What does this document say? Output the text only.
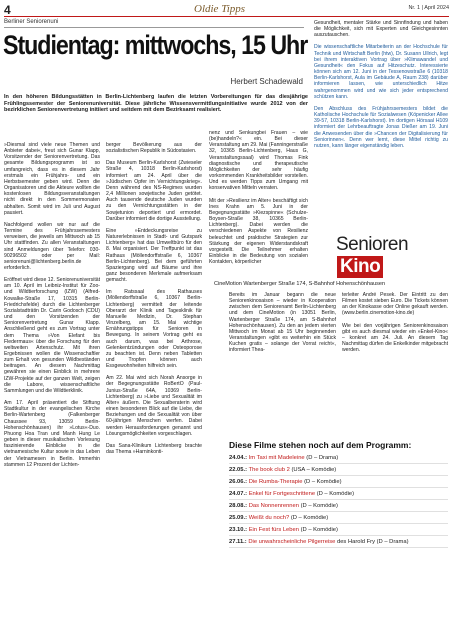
4	Oldie Tipps	Nr. 1 | April 2024
Berliner Seniorenuni
Studientag: mittwochs, 15 Uhr
Herbert Schadewald

In den höheren Bildungsstätten in Berlin-Lichtenberg laufen die letzten Vorbereitungen für das diesjährige Frühlingssemester der Seniorenuniversität. Diese jährliche Wissensvermittlungsinitiative wurde 2012 von der bezirklichen Seniorenvertretung initiiert und seitdem mit dem Bezirksamt realisiert.

»Diesmal sind viele neue Themen und Anbieter dabei«, freut sich Gunar Klapp, Vorsitzender der Seniorenvertretung. Das gesamte Bildungsprogramm ist so umfangreich, dass es in diesem Jahr erstmals ein Frühjahrs- und ein Herbstsemester geben wird. Denn die Organisatoren und die Akteure wollten die kostenlosen Bildungsveranstaltungen nicht direkt in den Sommermonaten abhalten. Somit wird im Juli und August pausiert.

Nachfolgend wollen wir nur auf die Termine des Frühjahrssemesters verweisen, die jeweils am Mittwoch ab 15 Uhr stattfinden. Zu allen Veranstaltungen sind Anmeldungen über Telefon: 030-90296502 oder per Mail: seniorenuni@lichtenberg.berlin.de erforderlich.

Eröffnet wird diese 12. Seniorenuniversität am 10. April im Leibniz-Institut für Zoo- und Wildtierforschung (IZW) (Alfred-Kowalke-Straße 17, 10315 Berlin-Friedrichsfelde) durch die Lichtenberger Sozialstadträtin Dr. Carin Godosch (CDU) und den Vorsitzenden der Seniorenvertretung Gunar Klapp. Anschließend geht es zum Vortrag unter dem Thema »Von Elefant bis Fledermaus« über die Forschung für den weltweiten Artenschutz. Mit ihren Ergebnissen wollen die Wissenschaftler zum Erhalt von gesunden Wildbeständen beitragen. An diesem Nachmittag gewähren sie einen Einblick in mehrere IZW-Projekte auf der ganzen Welt, zeigen die Labore, wissenschaftliche Sammlungen und die Wildtierklinik.

Am 17. April präsentiert die Stiftung Stadtkultur in der evangelischen Kirche Berlin-Wartenberg (Falkenberger Chaussee 93, 13059 Berlin-Hohenschönhausen) ihr »Lotus«-Duo. Phuong Hoa Tran und Manh Hung Le geben in dieser musikalischen Vorlesung faszinierende Einblicke in die vietnamesische Kultur sowie in das Leben der Vietnamesen in Berlin. Immerhin stammen 12 Prozent der Lichten-

berger Bevölkerung aus der sozialistischen Republik in Südostasien.

Das Museum Berlin-Karlshorst (Zwieseler Straße 4, 10318 Berlin-Karlshorst) informiert am 24. April über die »Jüdischen Opfer im Vernichtungskrieg«. Denn während des NS-Regimes wurden 2,4 Millionen sowjetische Juden getötet. Auch tausende deutsche Juden wurden zu den Vernichtungsstätten in der Sowjetunion deportiert und ermordet. Darüber informiert die dortige Ausstellung.

Eine »Entdeckungsreise zu Naturerlebnissen in Stadt- und Gutspark Lichtenberg« hat das Umweltbüro für den 8. Mai organisiert. Der Treffpunkt ist das Rathaus (Möllendorffstraße 6, 10367 Berlin-Lichtenberg). Bei dem geführten Spaziergang wird auf Bäume und ihre ganz besonderen Merkmale aufmerksam gemacht.

Im Ratssaal des Rathauses (Möllendorffstraße 6, 10367 Berlin-Lichtenberg) vermittelt der leitende Oberarzt der Klinik und Tagesklinik für Manuelle Medizin, Dr. Stephan Vinzelberg, am 15. Mai wichtige Ernährungstipps für Senioren in Bewegung. In seinem Vortrag geht es auch darum, was bei Arthrose, Gelenkentzündungen oder Osteoporose zu beachten ist. Denn neben Tabletten und Tropfen können auch Essgewohnheiten hilfreich sein.

Am 22. Mai wird sich Norah Ansorge in der Begegnungsstätte RoBertO (Paul-Junius-Straße 64A, 10369 Berlin-Lichtenberg) zu »Liebe und Sexualität im Alter« äußern. Die Sexualberaterin wird einen besonderen Blick auf die Liebe, die Beziehungen und die Sexualität von über 60-jährigen Menschen werfen. Dabei werden Herausforderungen genannt und Lösungsmöglichkeiten vorgeschlagen.

Das Sana-Klinikum Lichtenberg brachte das Thema »Harninkonti-

nenz und Senkungbei Frauen – wie (be)handeln?« ein. Bei dieser Veranstaltung am 29. Mai (Fanningerstraße 32, 10365 Berlin-Lichtenberg, Haus G, Veranstaltungssaal) wird Thomas Fink diagnostische und therapeutische Möglichkeiten der sehr häufig vorkommenden Krankheitsbilder vorstellen. Und es werden Tipps zum Umgang mit konservativen Mitteln verraten.

Mit der »Resilienz im Alter« beschäftigt sich Ines Krahn am 5. Juni in der Begegnungsstätte »Kiezspinne« (Schulze-Boysen-Straße 38, 10365 Berlin-Lichtenberg). Dabei werden die verschiedenen Aspekte von Resilienz beleuchtet und praktische Strategien zur Stärkung der eigenen Widerstandskraft vorgestellt. Die Teilnehmer erhalten Einblicke in die Bedeutung von sozialen Kontakten, körperlicher

Gesundheit, mentaler Stärke und Sinnfindung und haben die Möglichkeit, sich mit Experten und Gleichgesinnten auszutauschen.

Die wissenschaftliche Mitarbeiterin an der Hochschule für Technik und Wirtschaft Berlin (htw), Dr. Susann Ullrich, legt bei ihrem interaktiven Vortrag über »Klimawandel und Gesundheit« den Fokus auf Hitzeschutz. Interessierte können sich am 12. Juni in der Tessenowstraße 6 (10318 Berlin-Karlshorst, Aula im Gebäude A, Raum 238) darüber informieren lassen, wie unterschiedlich Hitze wahrgenommen wird und wie sich jeder entsprechend schützen kann.

Den Abschluss des Frühjahrssemesters bildet die Katholische Hochschule für Sozialwesen (Köpenicker Allee 39-57, 10318 Berlin-Karlshorst). Im dortigen Hörsaal H109 informiert der Lehrbeauftragte Jonas Dießer am 19. Juni die Anwesenden über die »Chancen der Digitalisierung für Seniorinnen«. Denn wer lernt, diese Mittel richtig zu nutzen, kann länger eigenständig leben.

SeniorenKino
CineMotion Wartenberger Straße 174, S-Bahnhof Hohenschönhausen

Bereits im Januar begann die neue Seniorenkinosaison – wieder in Kooperation zwischen dem Seniorenamt Berlin-Lichtenberg und dem CineMotion (in 13051 Berlin, Wartenberger Straße 174, am S-Bahnhof Hohenschönhausen). Zu den an jedem vierten Mittwoch im Monat ab 15 Uhr beginnenden Veranstaltungen »gibt es weiterhin ein Stück Kuchen gratis – solange der Vorrat reicht«, informiert Thea-

terleiter André Pesek. Der Eintritt zu den Filmen kostet sieben Euro. Die Tickets können an der Kinokasse oder Online gekauft werden. (www.berlin.cinemotion-kino.de)

Wie bei den vorjährigen Seniorenkinosaison gibt es auch diesmal wieder ein »Enkel-Kino« – konkret am 24. Juli. An diesem Tag Nachmittag dürfen die Enkelkinder mitgebracht werden.

Diese Filme stehen noch auf dem Programm:
24.04.: Im Taxi mit Madeleine (D – Drama)
22.05.: The book club 2 (USA – Komödie)
26.06.: Die Rumba-Therapie (D – Komödie)
24.07.: Enkel für Fortgeschrittene (D – Komödie)
28.08.: Das Nonnenrennen (D – Komödie)
25.09.: Weißt du noch? (D – Komödie)
23.10.: Ein Fest fürs Leben (D – Komödie)
27.11.: Die unwahrscheinliche Pilgerreise des Harold Fry (D – Drama)
